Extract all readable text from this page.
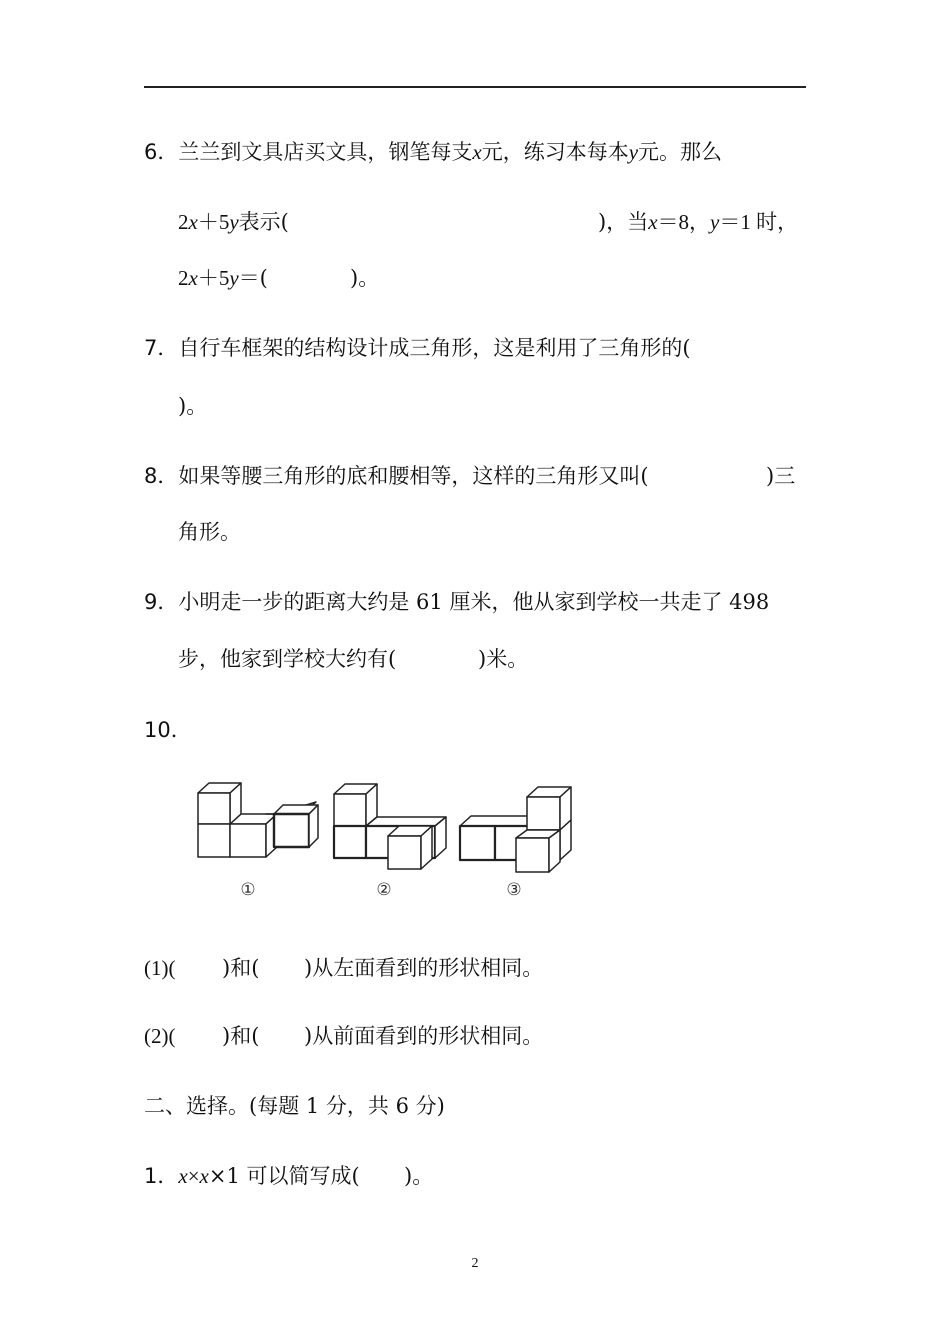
6．兰兰到文具店买文具，钢笔每支x元，练习本每本y元。那么
2x＋5y表示(	)，当x＝8，y＝1 时，
2x＋5y＝(	)。
7．自行车框架的结构设计成三角形，这是利用了三角形的(
)。
8．如果等腰三角形的底和腰相等，这样的三角形又叫(	)三
角形。
9．小明走一步的距离大约是 61 厘米，他从家到学校一共走了 498
步，他家到学校大约有(	)米。
10．
①	②	③
(1)( )和( )从左面看到的形状相同。
(2)( )和( )从前面看到的形状相同。
二、选择。(每题 1 分，共 6 分)
1．x×x×1 可以简写成( )。
2
